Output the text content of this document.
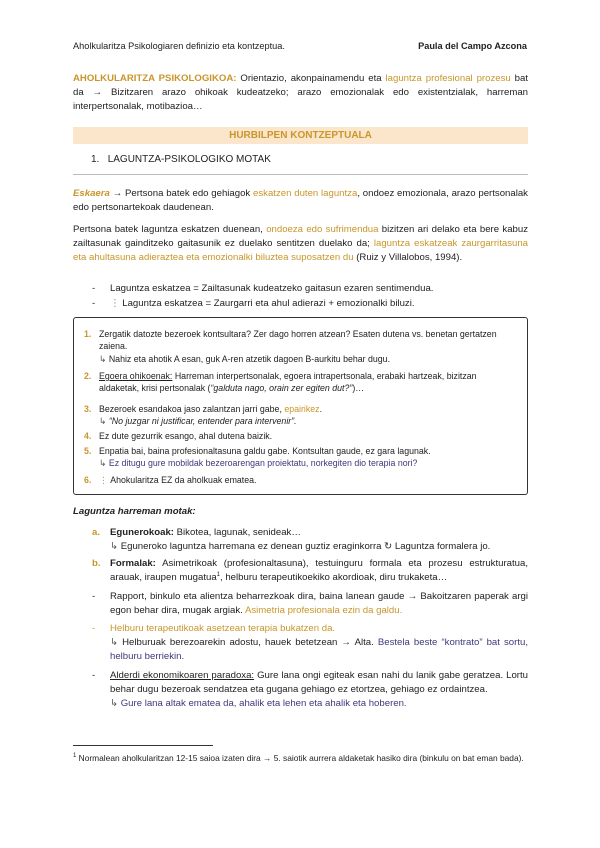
Aholkularitza Psikologiaren definizio eta kontzeptua.	Paula del Campo Azcona
AHOLKULARITZA PSIKOLOGIKOA: Orientazio, akonpainamendu eta laguntza profesional prozesu bat da → Bizitzaren arazo ohikoak kudeatzeko; arazo emozionalak edo existentzialak, harreman interpertsonalak, motibazioa…
HURBILPEN KONTZEPTUALA
1. LAGUNTZA-PSIKOLOGIKO MOTAK
Eskaera → Pertsona batek edo gehiagok eskatzen duten laguntza, ondoez emozionala, arazo pertsonalak edo pertsonartekoak daudenean.
Pertsona batek laguntza eskatzen duenean, ondoeza edo sufrimendua bizitzen ari delako eta bere kabuz zailtasunak gainditzeko gaitasunik ez duelako sentitzen duelako da; laguntza eskatzeak zaurgarritasuna eta ahultasuna adieraztea eta emozionalki biluztea suposatzen du (Ruiz y Villalobos, 1994).
- Laguntza eskatzea = Zailtasunak kudeatzeko gaitasun ezaren sentimendua.
- ⋮ Laguntza eskatzea = Zaurgarri eta ahul adierazi + emozionalki biluzi.
1. Zergatik datozte bezeroek kontsultara? Zer dago horren atzean? Esaten dutena vs. benetan gertatzen zaiena.
↳ Nahiz eta ahotik A esan, guk A-ren atzetik dagoen B-aurkitu behar dugu.
2. Egoera ohikoenak: Harreman interpertsonalak, egoera intrapertsonala, erabaki hartzeak, bizitzan aldaketak, krisi pertsonalak (“galduta nago, orain zer egiten dut?”)…
3. Bezeroek esandakoa jaso zalantzan jarri gabe, epairikez.
↳ “No juzgar ni justificar, entender para intervenir”.
4. Ez dute gezurrik esango, ahal dutena baizik.
5. Enpatia bai, baina profesionaltasuna galdu gabe. Kontsultan gaude, ez gara lagunak.
↳ Ez ditugu gure mobildak bezeroarengan proiektatu, norkegiten dio terapia nori?
6. ⋮ Ahokularitza EZ da aholkuak ematea.
Laguntza harreman motak:
a. Egunerokoak: Bikotea, lagunak, senideak…
↳ Eguneroko laguntza harremana ez denean guztiz eraginkorra ↻ Laguntza formalera jo.
b. Formalak: Asimetrikoak (profesionaltasuna), testuinguru formala eta prozesu estrukturatua, arauak, iraupen mugatua$^1$, helburu terapeutikoekiko akordioak, diru trukaketa…
- Rapport, binkulo eta alientza beharrezkoak dira, baina lanean gaude → Bakoitzaren paperak argi egon behar dira, mugak argiak. Asimetria profesionala ezin da galdu.
- Helburu terapeutikoak asetzean terapia bukatzen da.
↳ Helburuak berezoarekin adostu, hauek betetzean → Alta. Bestela beste “kontrato” bat sortu, helburu berriekin.
- Alderdi ekonomikoaren paradoxa: Gure lana ongi egiteak esan nahi du lanik gabe geratzea. Lortu behar dugu bezeroak sendatzea eta gugana gehiago ez etortzea, gehiago ez ordaintzea.
↳ Gure lana altak ematea da, ahalik eta lehen eta ahalik eta hoberen.
$^1$ Normalean aholkularitzan 12-15 saioa izaten dira → 5. saiotik aurrera aldaketak hasiko dira (binkulu on bat eman bada).
